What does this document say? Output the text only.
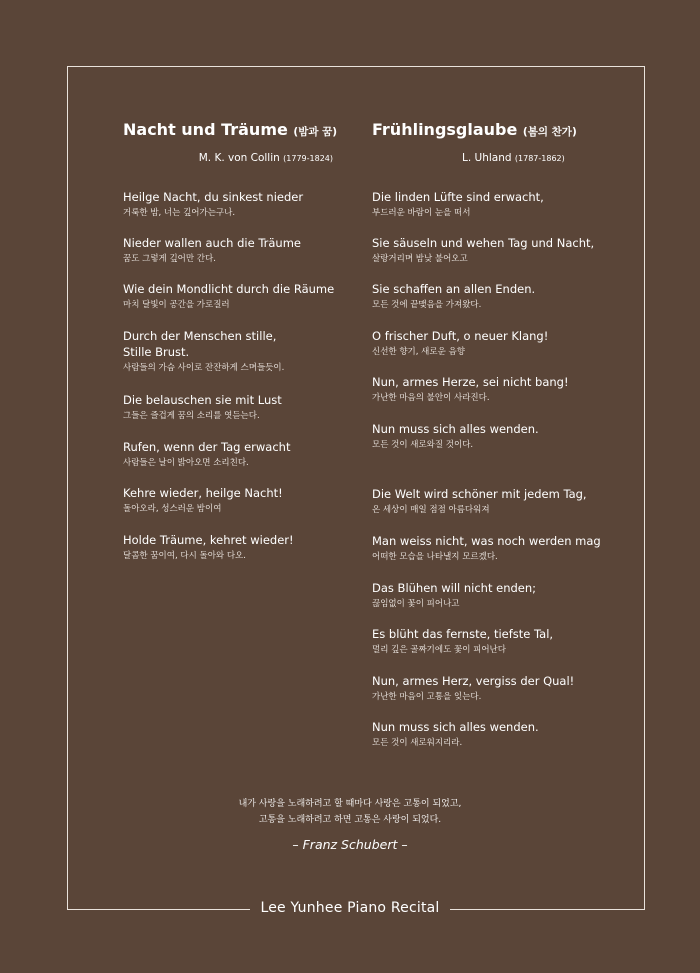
Nacht und Träume (밤과 꿈)
M. K. von Collin (1779-1824)
Heilge Nacht, du sinkest nieder
거룩한 밤, 너는 깊어가는구나.
Nieder wallen auch die Träume
꿈도 그렇게 깊어만 간다.
Wie dein Mondlicht durch die Räume
마치 달빛이 공간을 가로질러
Durch der Menschen stille,
Stille Brust.
사람들의 가슴 사이로 잔잔하게 스며들듯이.
Die belauschen sie mit Lust
그들은 즐겁게 꿈의 소리를 엿듣는다.
Rufen, wenn der Tag erwacht
사람들은 날이 밝아오면 소리친다.
Kehre wieder, heilge Nacht!
돌아오라, 성스러운 밤이여
Holde Träume, kehret wieder!
달콤한 꿈이여, 다시 돌아와 다오.
Frühlingsglaube (봄의 찬가)
L. Uhland (1787-1862)
Die linden Lüfte sind erwacht,
부드러운 바람이 눈을 떠서
Sie säuseln und wehen Tag und Nacht,
살랑거리며 밤낮 불어오고
Sie schaffen an allen Enden.
모든 것에 끝맺음을 가져왔다.
O frischer Duft, o neuer Klang!
신선한 향기, 새로운 음향
Nun, armes Herze, sei nicht bang!
가난한 마음의 불안이 사라진다.
Nun muss sich alles wenden.
모든 것이 새로와질 것이다.
Die Welt wird schöner mit jedem Tag,
온 세상이 매일 점점 아름다워져
Man weiss nicht, was noch werden mag
어떠한 모습을 나타낼지 모르겠다.
Das Blühen will nicht enden;
끊임없이 꽃이 피어나고
Es blüht das fernste, tiefste Tal,
멀리 깊은 골짜기에도 꽃이 피어난다
Nun, armes Herz, vergiss der Qual!
가난한 마음이 고통을 잊는다.
Nun muss sich alles wenden.
모든 것이 새로워지리라.
내가 사랑을 노래하려고 할 때마다 사랑은 고통이 되었고,
고통을 노래하려고 하면 고통은 사랑이 되었다.
– Franz Schubert –
Lee Yunhee Piano Recital
